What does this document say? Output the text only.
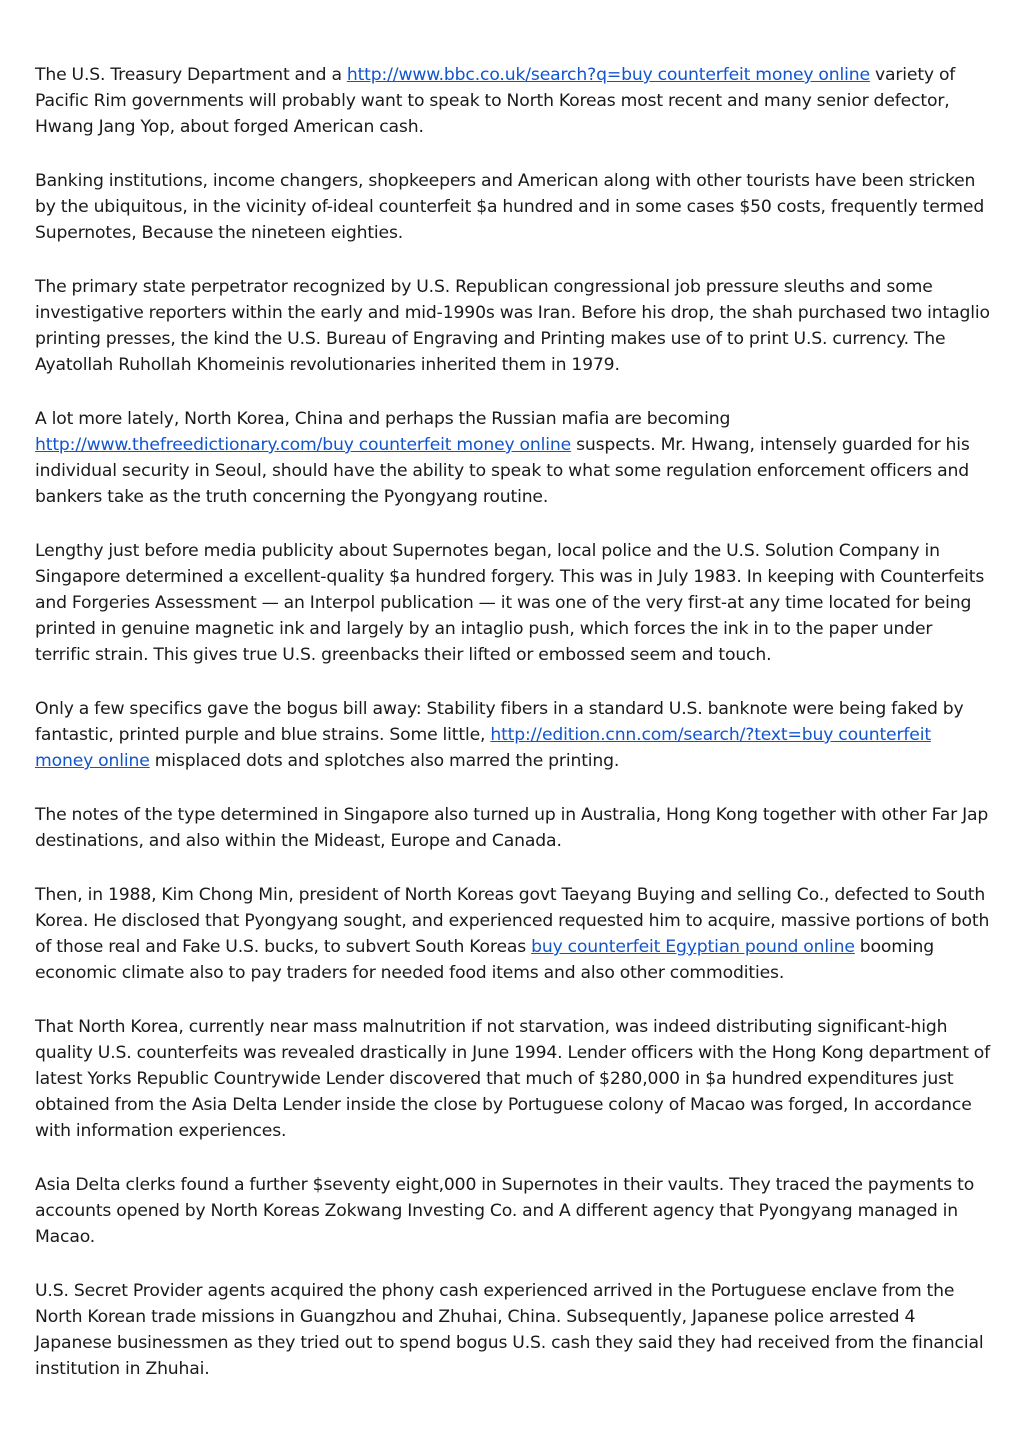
The U.S. Treasury Department and a http://www.bbc.co.uk/search?q=buy counterfeit money online variety of Pacific Rim governments will probably want to speak to North Koreas most recent and many senior defector, Hwang Jang Yop, about forged American cash.

Banking institutions, income changers, shopkeepers and American along with other tourists have been stricken by the ubiquitous, in the vicinity of-ideal counterfeit $a hundred and in some cases $50 costs, frequently termed Supernotes, Because the nineteen eighties.

The primary state perpetrator recognized by U.S. Republican congressional job pressure sleuths and some investigative reporters within the early and mid-1990s was Iran. Before his drop, the shah purchased two intaglio printing presses, the kind the U.S. Bureau of Engraving and Printing makes use of to print U.S. currency. The Ayatollah Ruhollah Khomeinis revolutionaries inherited them in 1979.

A lot more lately, North Korea, China and perhaps the Russian mafia are becoming http://www.thefreedictionary.com/buy counterfeit money online suspects. Mr. Hwang, intensely guarded for his individual security in Seoul, should have the ability to speak to what some regulation enforcement officers and bankers take as the truth concerning the Pyongyang routine.

Lengthy just before media publicity about Supernotes began, local police and the U.S. Solution Company in Singapore determined a excellent-quality $a hundred forgery. This was in July 1983. In keeping with Counterfeits and Forgeries Assessment — an Interpol publication — it was one of the very first-at any time located for being printed in genuine magnetic ink and largely by an intaglio push, which forces the ink in to the paper under terrific strain. This gives true U.S. greenbacks their lifted or embossed seem and touch.

Only a few specifics gave the bogus bill away: Stability fibers in a standard U.S. banknote were being faked by fantastic, printed purple and blue strains. Some little, http://edition.cnn.com/search/?text=buy counterfeit money online misplaced dots and splotches also marred the printing.

The notes of the type determined in Singapore also turned up in Australia, Hong Kong together with other Far Jap destinations, and also within the Mideast, Europe and Canada.

Then, in 1988, Kim Chong Min, president of North Koreas govt Taeyang Buying and selling Co., defected to South Korea. He disclosed that Pyongyang sought, and experienced requested him to acquire, massive portions of both of those real and Fake U.S. bucks, to subvert South Koreas buy counterfeit Egyptian pound online booming economic climate also to pay traders for needed food items and also other commodities.

That North Korea, currently near mass malnutrition if not starvation, was indeed distributing significant-high quality U.S. counterfeits was revealed drastically in June 1994. Lender officers with the Hong Kong department of latest Yorks Republic Countrywide Lender discovered that much of $280,000 in $a hundred expenditures just obtained from the Asia Delta Lender inside the close by Portuguese colony of Macao was forged, In accordance with information experiences.

Asia Delta clerks found a further $seventy eight,000 in Supernotes in their vaults. They traced the payments to accounts opened by North Koreas Zokwang Investing Co. and A different agency that Pyongyang managed in Macao.

U.S. Secret Provider agents acquired the phony cash experienced arrived in the Portuguese enclave from the North Korean trade missions in Guangzhou and Zhuhai, China. Subsequently, Japanese police arrested 4 Japanese businessmen as they tried out to spend bogus U.S. cash they said they had received from the financial institution in Zhuhai.
